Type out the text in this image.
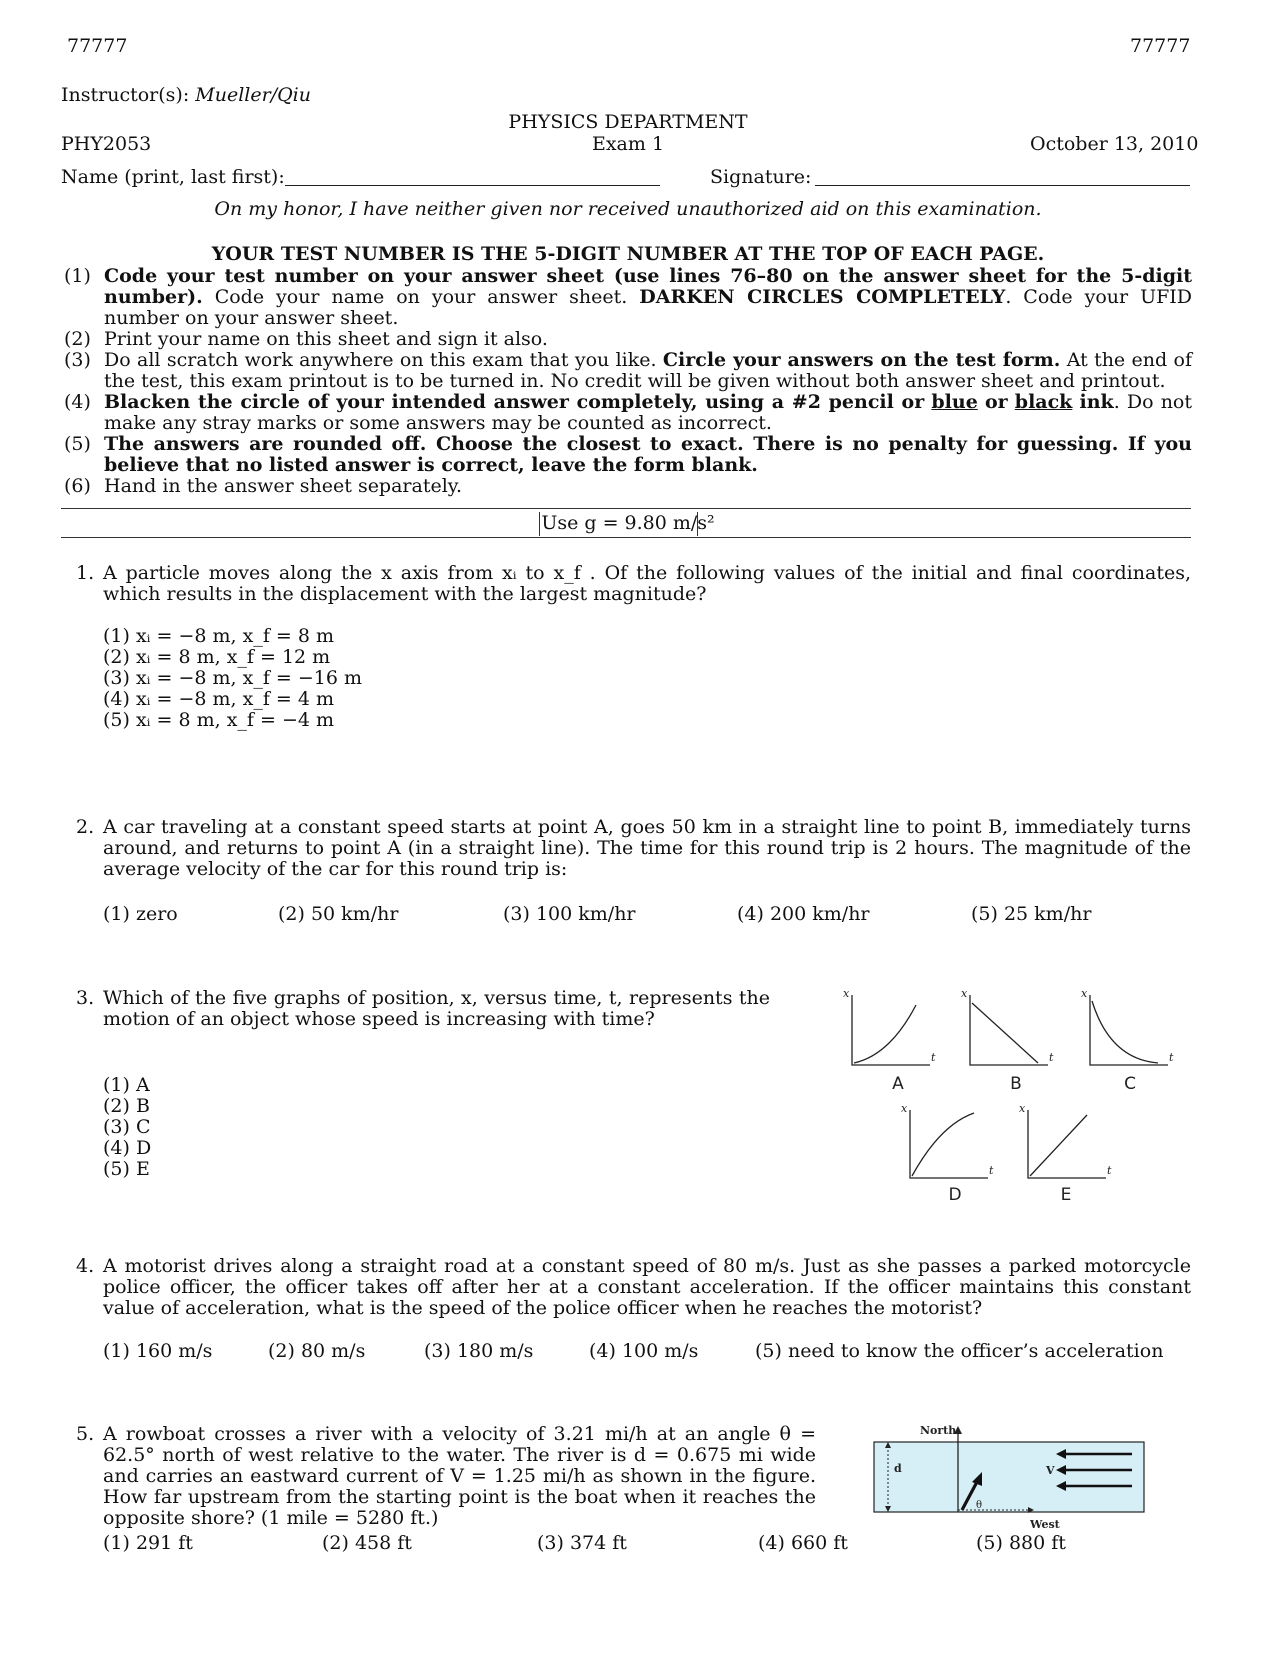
77777	77777
Instructor(s): Mueller/Qiu
PHYSICS DEPARTMENT
PHY2053	Exam 1	October 13, 2010
Name (print, last first):	Signature:
On my honor, I have neither given nor received unauthorized aid on this examination.
YOUR TEST NUMBER IS THE 5-DIGIT NUMBER AT THE TOP OF EACH PAGE.
(1) Code your test number on your answer sheet (use lines 76–80 on the answer sheet for the 5-digit number). Code your name on your answer sheet. DARKEN CIRCLES COMPLETELY. Code your UFID number on your answer sheet.
(2) Print your name on this sheet and sign it also.
(3) Do all scratch work anywhere on this exam that you like. Circle your answers on the test form. At the end of the test, this exam printout is to be turned in. No credit will be given without both answer sheet and printout.
(4) Blacken the circle of your intended answer completely, using a #2 pencil or blue or black ink. Do not make any stray marks or some answers may be counted as incorrect.
(5) The answers are rounded off. Choose the closest to exact. There is no penalty for guessing. If you believe that no listed answer is correct, leave the form blank.
(6) Hand in the answer sheet separately.
Use g = 9.80 m/s²
1. A particle moves along the x axis from xᵢ to x_f . Of the following values of the initial and final coordinates, which results in the displacement with the largest magnitude?
(1) xᵢ = −8 m, x_f = 8 m
(2) xᵢ = 8 m, x_f = 12 m
(3) xᵢ = −8 m, x_f = −16 m
(4) xᵢ = −8 m, x_f = 4 m
(5) xᵢ = 8 m, x_f = −4 m
2. A car traveling at a constant speed starts at point A, goes 50 km in a straight line to point B, immediately turns around, and returns to point A (in a straight line). The time for this round trip is 2 hours. The magnitude of the average velocity of the car for this round trip is:
(1) zero	(2) 50 km/hr	(3) 100 km/hr	(4) 200 km/hr	(5) 25 km/hr
3. Which of the five graphs of position, x, versus time, t, represents the motion of an object whose speed is increasing with time?
(1) A
(2) B
(3) C
(4) D
(5) E
x
t
x
t
x
t
x
t
x
t
A	B	C
D	E
4. A motorist drives along a straight road at a constant speed of 80 m/s. Just as she passes a parked motorcycle police officer, the officer takes off after her at a constant acceleration. If the officer maintains this constant value of acceleration, what is the speed of the police officer when he reaches the motorist?
(1) 160 m/s	(2) 80 m/s	(3) 180 m/s	(4) 100 m/s	(5) need to know the officer’s acceleration
5. A rowboat crosses a river with a velocity of 3.21 mi/h at an angle θ = 62.5° north of west relative to the water. The river is d = 0.675 mi wide and carries an eastward current of V = 1.25 mi/h as shown in the figure. How far upstream from the starting point is the boat when it reaches the opposite shore? (1 mile = 5280 ft.)
North
d
West
θ
V
(1) 291 ft	(2) 458 ft	(3) 374 ft	(4) 660 ft	(5) 880 ft
